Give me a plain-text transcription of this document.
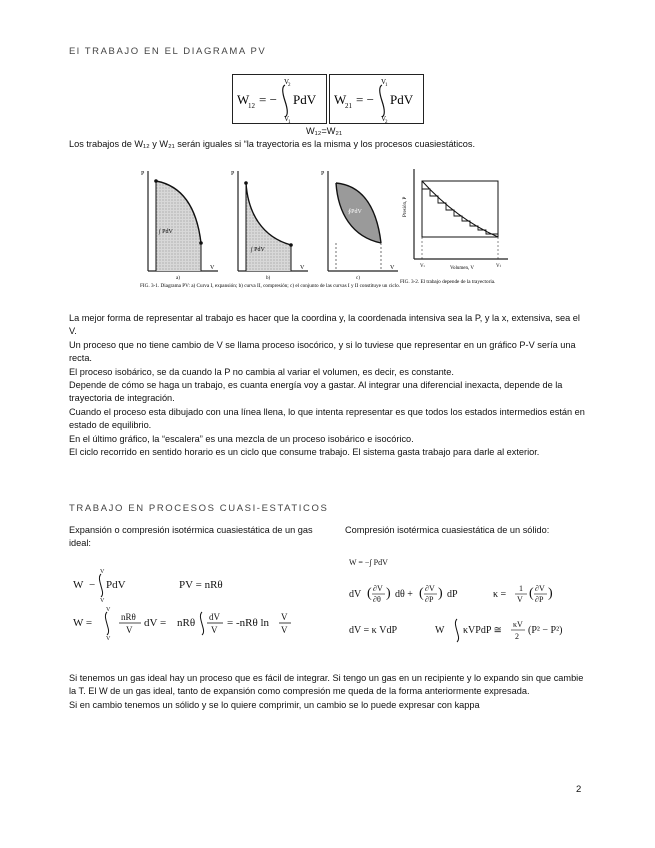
El TRABAJO EN EL DIAGRAMA PV
W
12 = −
V
2
V
1
PdV W
21 = −
V
1
V
2
PdV
W₁₂=W₂₁
Los trabajos de W₁₂ y W₂₁ serán iguales si “la trayectoria es la misma y los procesos cuasiestáticos.
P
V
∫ PdV
a)
P
V
∫ PdV
b)
P
V
∮PdV
c)
Presión, P
Volumen, V
Vi	Vf
FIG. 3-1. Diagrama PV: a) Curva I, expansión; b) curva II, compresión; c) el conjunto de las curvas I y II constituye un ciclo.
FIG. 3-2. El trabajo depende de la trayectoria.

La mejor forma de representar al trabajo es hacer que la coordina y, la coordenada intensiva sea la P, y la x, extensiva, sea el V.

Un proceso que no tiene cambio de V se llama proceso isocórico, y si lo tuviese que representar en un gráfico P-V sería una recta.

El proceso isobárico, se da cuando la P no cambia al variar el volumen, es decir, es constante.

Depende de cómo se haga un trabajo, es cuanta energía voy a gastar. Al integrar una diferencial inexacta, depende de la trayectoria de integración.

Cuando el proceso esta dibujado con una línea llena, lo que intenta representar es que todos los estados intermedios están en estado de equilibrio.

En el último gráfico, la “escalera” es una mezcla de un proceso isobárico e isocórico.

El ciclo recorrido en sentido horario es un ciclo que consume trabajo. El sistema gasta trabajo para darle al exterior.

TRABAJO EN PROCESOS CUASI-ESTATICOS
Expansión o compresión isotérmica cuasiestática de un gas ideal:
Compresión isotérmica cuasiestática de un sólido:
W −
V
V
PdV	PV = nRθ
W =
V
V
nRθ
V
dV = nRθ dV
V
= -nRθ ln V
V
W = −∫ PdV
dV ( ∂V
∂θ ) dθ + ( ∂V
∂P ) dP	κ =
1
V ( ∂V
∂P )
dV = κ VdP	W κVPdP ≅
κV
2
(P² − P²)

Si tenemos un gas ideal hay un proceso que es fácil de integrar. Si tengo un gas en un recipiente y lo expando sin que cambie la T. El W de un gas ideal, tanto de expansión como compresión me queda de la forma anteriormente expresada.

Si en cambio tenemos un sólido y se lo quiere comprimir, un cambio se lo puede expresar con kappa

2
